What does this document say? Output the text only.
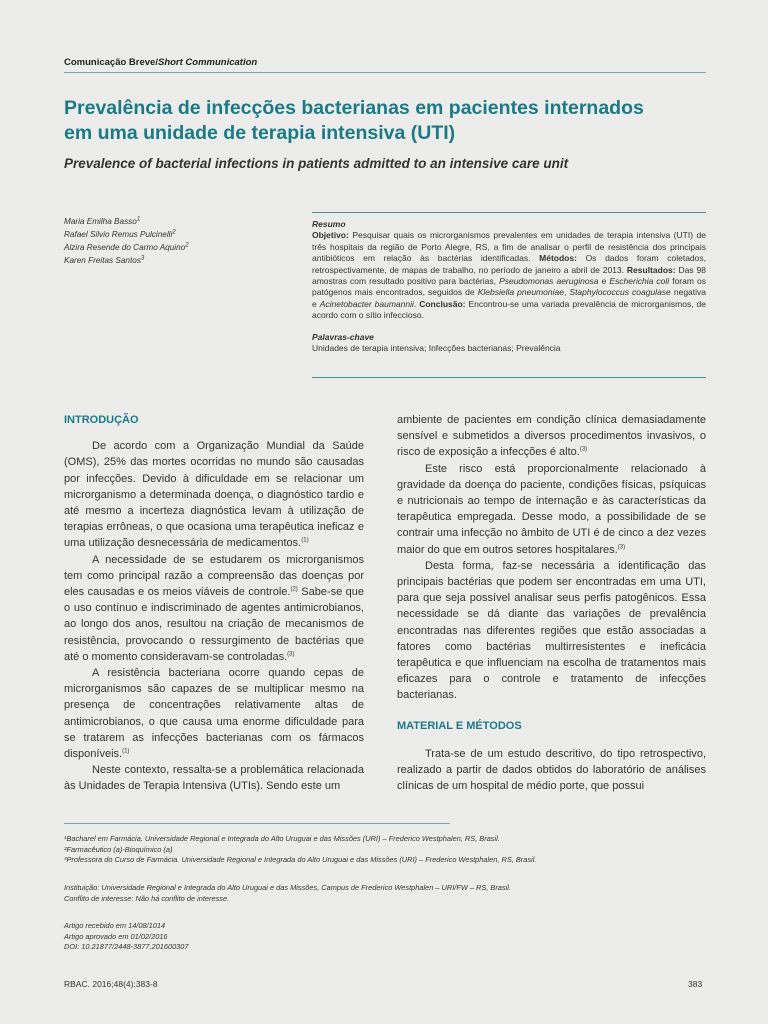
Comunicação Breve/Short Communication
Prevalência de infecções bacterianas em pacientes internados
em uma unidade de terapia intensiva (UTI)
Prevalence of bacterial infections in patients admitted to an intensive care unit
Maria Emilha Basso$^1$
Rafael Silvio Remus Pulcinelli$^2$
Alzira Resende do Carmo Aquino$^2$
Karen Freitas Santos$^3$
Resumo
Objetivo: Pesquisar quais os microrganismos prevalentes em unidades de terapia intensiva (UTI) de três hospitais da região de Porto Alegre, RS, a fim de analisar o perfil de resistência dos principais antibióticos em relação às bactérias identificadas. Métodos: Os dados foram coletados, retrospectivamente, de mapas de trabalho, no período de janeiro a abril de 2013. Resultados: Das 98 amostras com resultado positivo para bactérias, Pseudomonas aeruginosa e Escherichia coli foram os patógenos mais encontrados, seguidos de Klebsiella pneumoniae, Staphylococcus coagulase negativa e Acinetobacter baumannii. Conclusão: Encontrou-se uma variada prevalência de microrganismos, de acordo com o sítio infeccioso.
Palavras-chave
Unidades de terapia intensiva; Infecções bacterianas; Prevalência
INTRODUÇÃO

De acordo com a Organização Mundial da Saúde (OMS), 25% das mortes ocorridas no mundo são causadas por infecções. Devido à dificuldade em se relacionar um microrganismo a determinada doença, o diagnóstico tardio e até mesmo a incerteza diagnóstica levam à utilização de terapias errôneas, o que ocasiona uma terapêutica ineficaz e uma utilização desnecessária de medicamentos.$^{(1)}$

A necessidade de se estudarem os microrganismos tem como principal razão a compreensão das doenças por eles causadas e os meios viáveis de controle.$^{(2)}$ Sabe-se que o uso contínuo e indiscriminado de agentes antimicrobianos, ao longo dos anos, resultou na criação de mecanismos de resistência, provocando o ressurgimento de bactérias que até o momento consideravam-se controladas.$^{(3)}$

A resistência bacteriana ocorre quando cepas de microrganismos são capazes de se multiplicar mesmo na presença de concentrações relativamente altas de antimicrobianos, o que causa uma enorme dificuldade para se tratarem as infecções bacterianas com os fármacos disponíveis.$^{(1)}$

Neste contexto, ressalta-se a problemática relacionada às Unidades de Terapia Intensiva (UTIs). Sendo este um

ambiente de pacientes em condição clínica demasiadamente sensível e submetidos a diversos procedimentos invasivos, o risco de exposição a infecções é alto.$^{(3)}$

Este risco está proporcionalmente relacionado à gravidade da doença do paciente, condições físicas, psíquicas e nutricionais ao tempo de internação e às características da terapêutica empregada. Desse modo, a possibilidade de se contrair uma infecção no âmbito de UTI é de cinco a dez vezes maior do que em outros setores hospitalares.$^{(3)}$

Desta forma, faz-se necessária a identificação das principais bactérias que podem ser encontradas em uma UTI, para que seja possível analisar seus perfis patogênicos. Essa necessidade se dá diante das variações de prevalência encontradas nas diferentes regiões que estão associadas a fatores como bactérias multirresistentes e ineficácia terapêutica e que influenciam na escolha de tratamentos mais eficazes para o controle e tratamento de infecções bacterianas.

MATERIAL E MÉTODOS

Trata-se de um estudo descritivo, do tipo retrospectivo, realizado a partir de dados obtidos do laboratório de análises clínicas de um hospital de médio porte, que possui

¹Bacharel em Farmácia. Universidade Regional e Integrada do Alto Uruguai e das Missões (URI) – Frederico Westphalen, RS, Brasil.
²Farmacêutico (a)-Bioquímico (a)
³Professora do Curso de Farmácia. Universidade Regional e Integrada do Alto Uruguai e das Missões (URI) – Frederico Westphalen, RS, Brasil.
Instituição: Universidade Regional e Integrada do Alto Uruguai e das Missões, Campus de Frederico Westphalen – URI/FW – RS, Brasil.
Conflito de interesse: Não há conflito de interesse.
Artigo recebido em 14/08/1014
Artigo aprovado em 01/02/2016
DOI: 10.21877/2448-3877.201600307
RBAC. 2016;48(4):383-8	383
